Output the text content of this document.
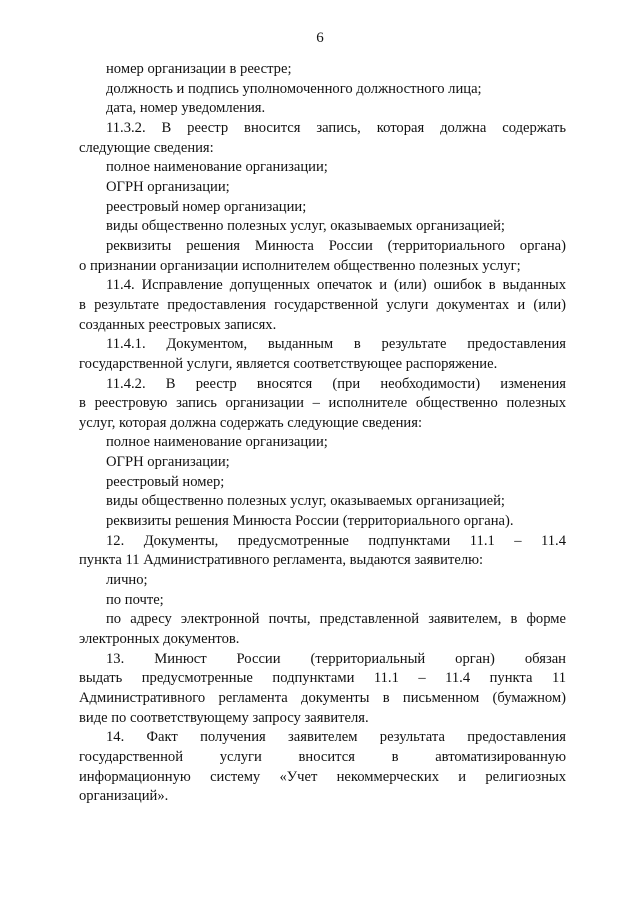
6
номер организации в реестре;
должность и подпись уполномоченного должностного лица;
дата, номер уведомления.
11.3.2. В реестр вносится запись, которая должна содержать
следующие сведения:
полное наименование организации;
ОГРН организации;
реестровый номер организации;
виды общественно полезных услуг, оказываемых организацией;
реквизиты решения Минюста России (территориального органа)
о признании организации исполнителем общественно полезных услуг;
11.4. Исправление допущенных опечаток и (или) ошибок в выданных
в результате предоставления государственной услуги документах и (или)
созданных реестровых записях.
11.4.1. Документом, выданным в результате предоставления
государственной услуги, является соответствующее распоряжение.
11.4.2. В реестр вносятся (при необходимости) изменения
в реестровую запись организации – исполнителе общественно полезных
услуг, которая должна содержать следующие сведения:
полное наименование организации;
ОГРН организации;
реестровый номер;
виды общественно полезных услуг, оказываемых организацией;
реквизиты решения Минюста России (территориального органа).
12. Документы, предусмотренные подпунктами 11.1 – 11.4
пункта 11 Административного регламента, выдаются заявителю:
лично;
по почте;
по адресу электронной почты, представленной заявителем, в форме
электронных документов.
13. Минюст России (территориальный орган) обязан
выдать предусмотренные подпунктами 11.1 – 11.4 пункта 11
Административного регламента документы в письменном (бумажном)
виде по соответствующему запросу заявителя.
14. Факт получения заявителем результата предоставления
государственной услуги вносится в автоматизированную
информационную систему «Учет некоммерческих и религиозных
организаций».
